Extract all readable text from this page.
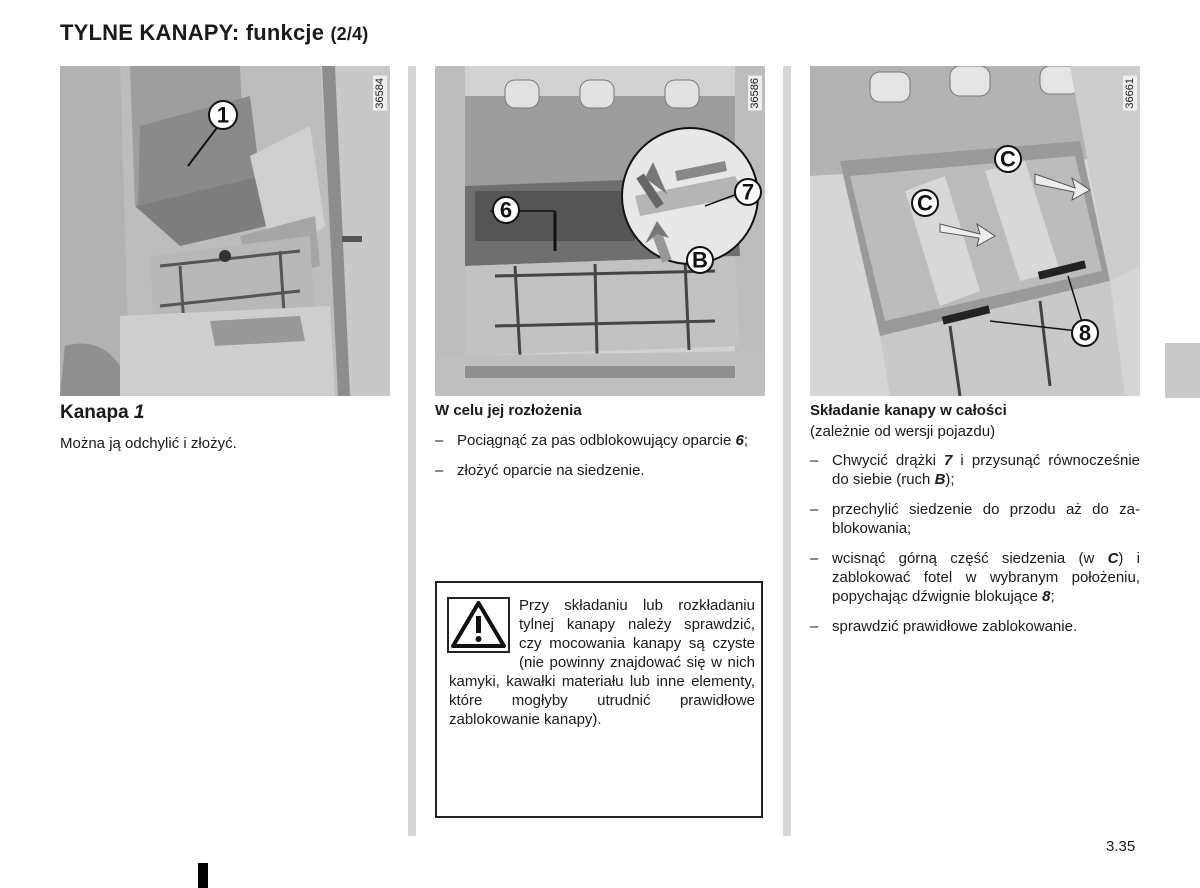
TYLNE KANAPY: funkcje (2/4)
1
36584
6
7
B
36586
8
C
C
36661
Kanapa 1

Można ją odchylić i złożyć.

W celu jej rozłożenia
– Pociągnąć za pas odblokowujący oparcie 6;
– złożyć oparcie na siedzenie.
Przy składaniu lub rozkładaniu tylnej kanapy należy sprawdzić, czy mocowania kanapy są czyste (nie powinny znajdować się w nich kamyki, kawałki materiału lub inne elementy, które mogłyby utrudnić prawidłowe zablokowanie kanapy).
Składanie kanapy w całości

(zależnie od wersji pojazdu)

– Chwycić drążki 7 i przysunąć równocześnie do siebie (ruch B);
– przechylić siedzenie do przodu aż do zablokowania;
– wcisnąć górną część siedzenia (w C) i zablokować fotel w wybranym położeniu, popychając dźwignie blokujące 8;
– sprawdzić prawidłowe zablokowanie.
3.35
